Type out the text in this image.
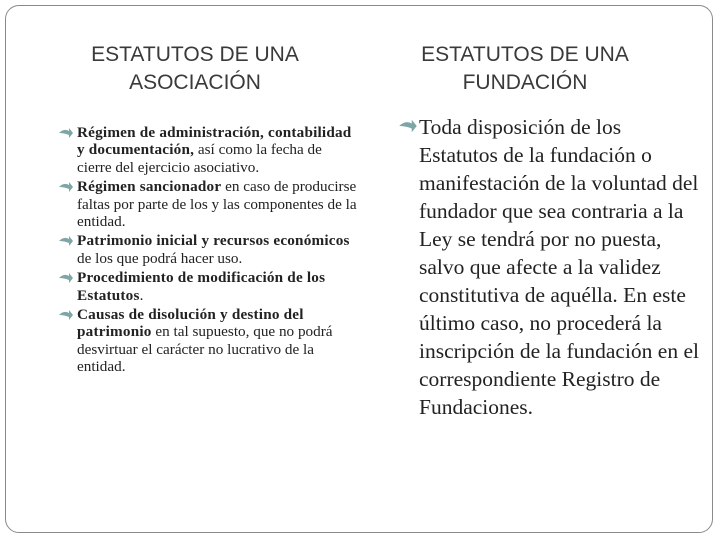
ESTATUTOS DE UNA
ASOCIACIÓN
ESTATUTOS DE UNA
FUNDACIÓN
Régimen de administración, contabilidad y documentación, así como la fecha de cierre del ejercicio asociativo.
Régimen sancionador en caso de producirse faltas por parte de los y las componentes de la entidad.
Patrimonio inicial y recursos económicos de los que podrá hacer uso.
Procedimiento de modificación de los Estatutos.
Causas de disolución y destino del patrimonio en tal supuesto, que no podrá desvirtuar el carácter no lucrativo de la entidad.
Toda disposición de los Estatutos de la fundación o manifestación de la voluntad del fundador que sea contraria a la Ley se tendrá por no puesta, salvo que afecte a la validez constitutiva de aquélla. En este último caso, no procederá la inscripción de la fundación en el correspondiente Registro de Fundaciones.
